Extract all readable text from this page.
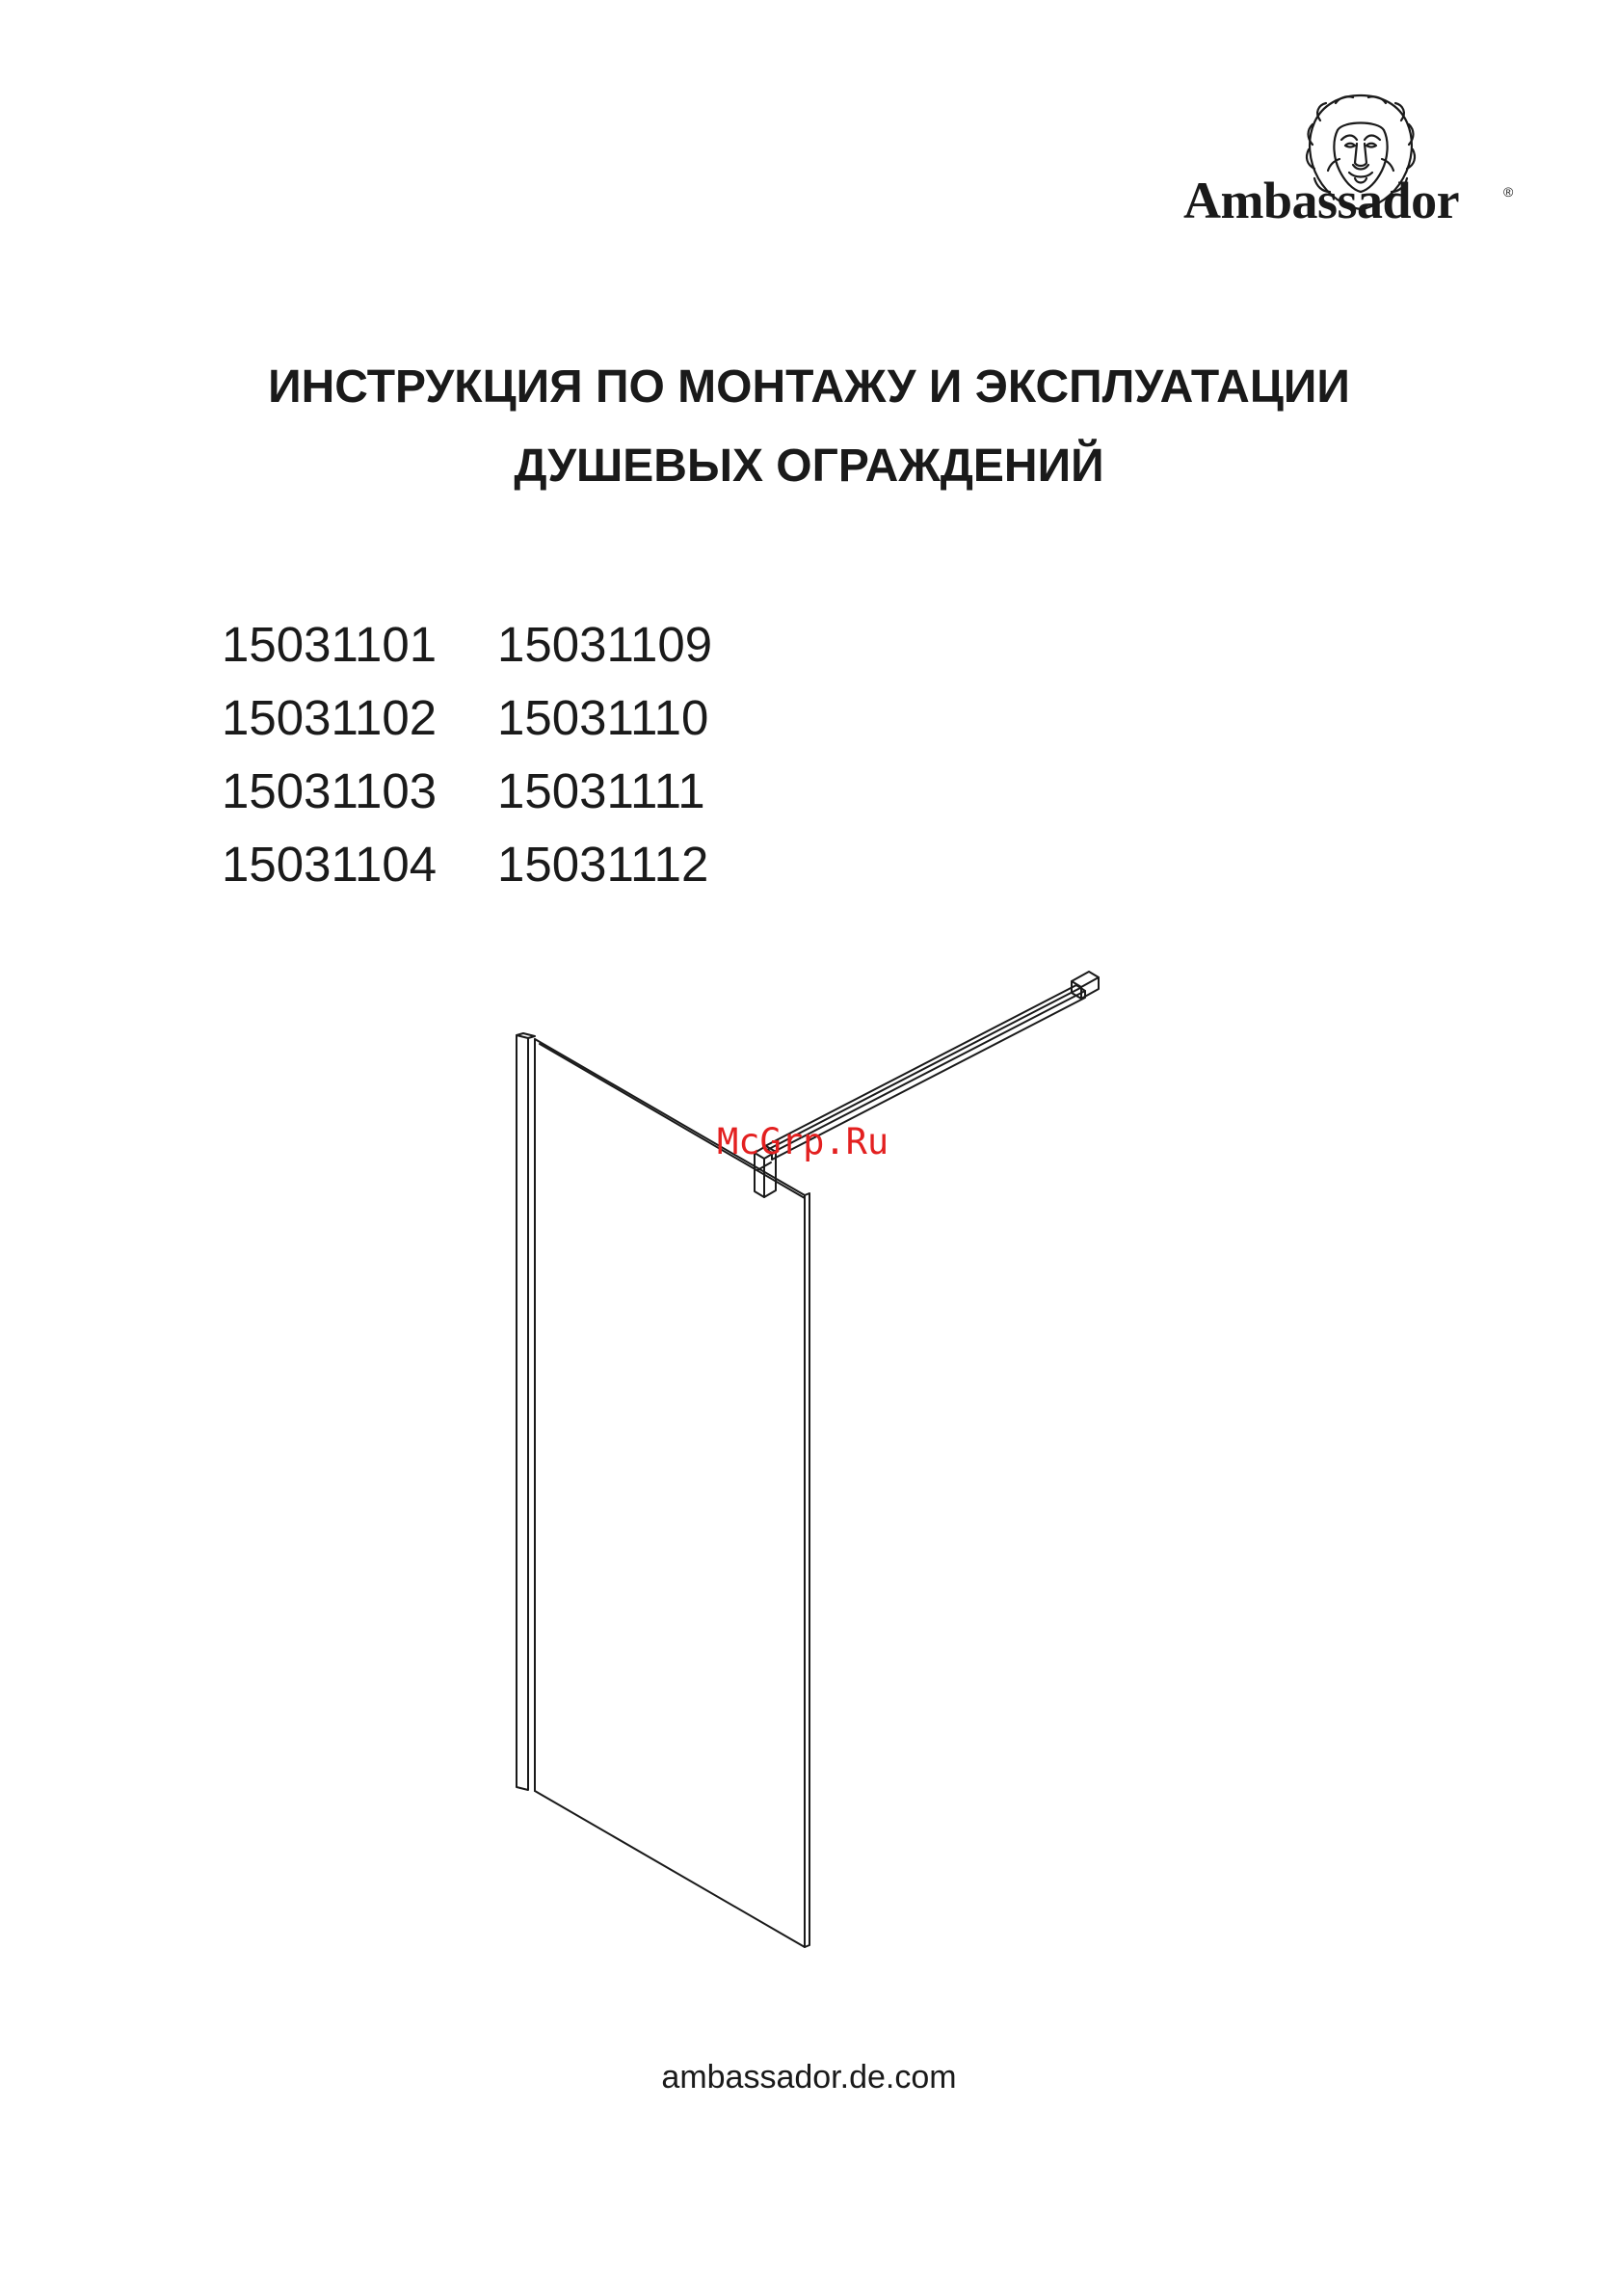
Ambassador	®
ИНСТРУКЦИЯ ПО МОНТАЖУ И ЭКСПЛУАТАЦИИ
ДУШЕВЫХ ОГРАЖДЕНИЙ
15031101 15031109
15031102 15031110
15031103 15031111
15031104 15031112
McGrp.Ru
ambassador.de.com
